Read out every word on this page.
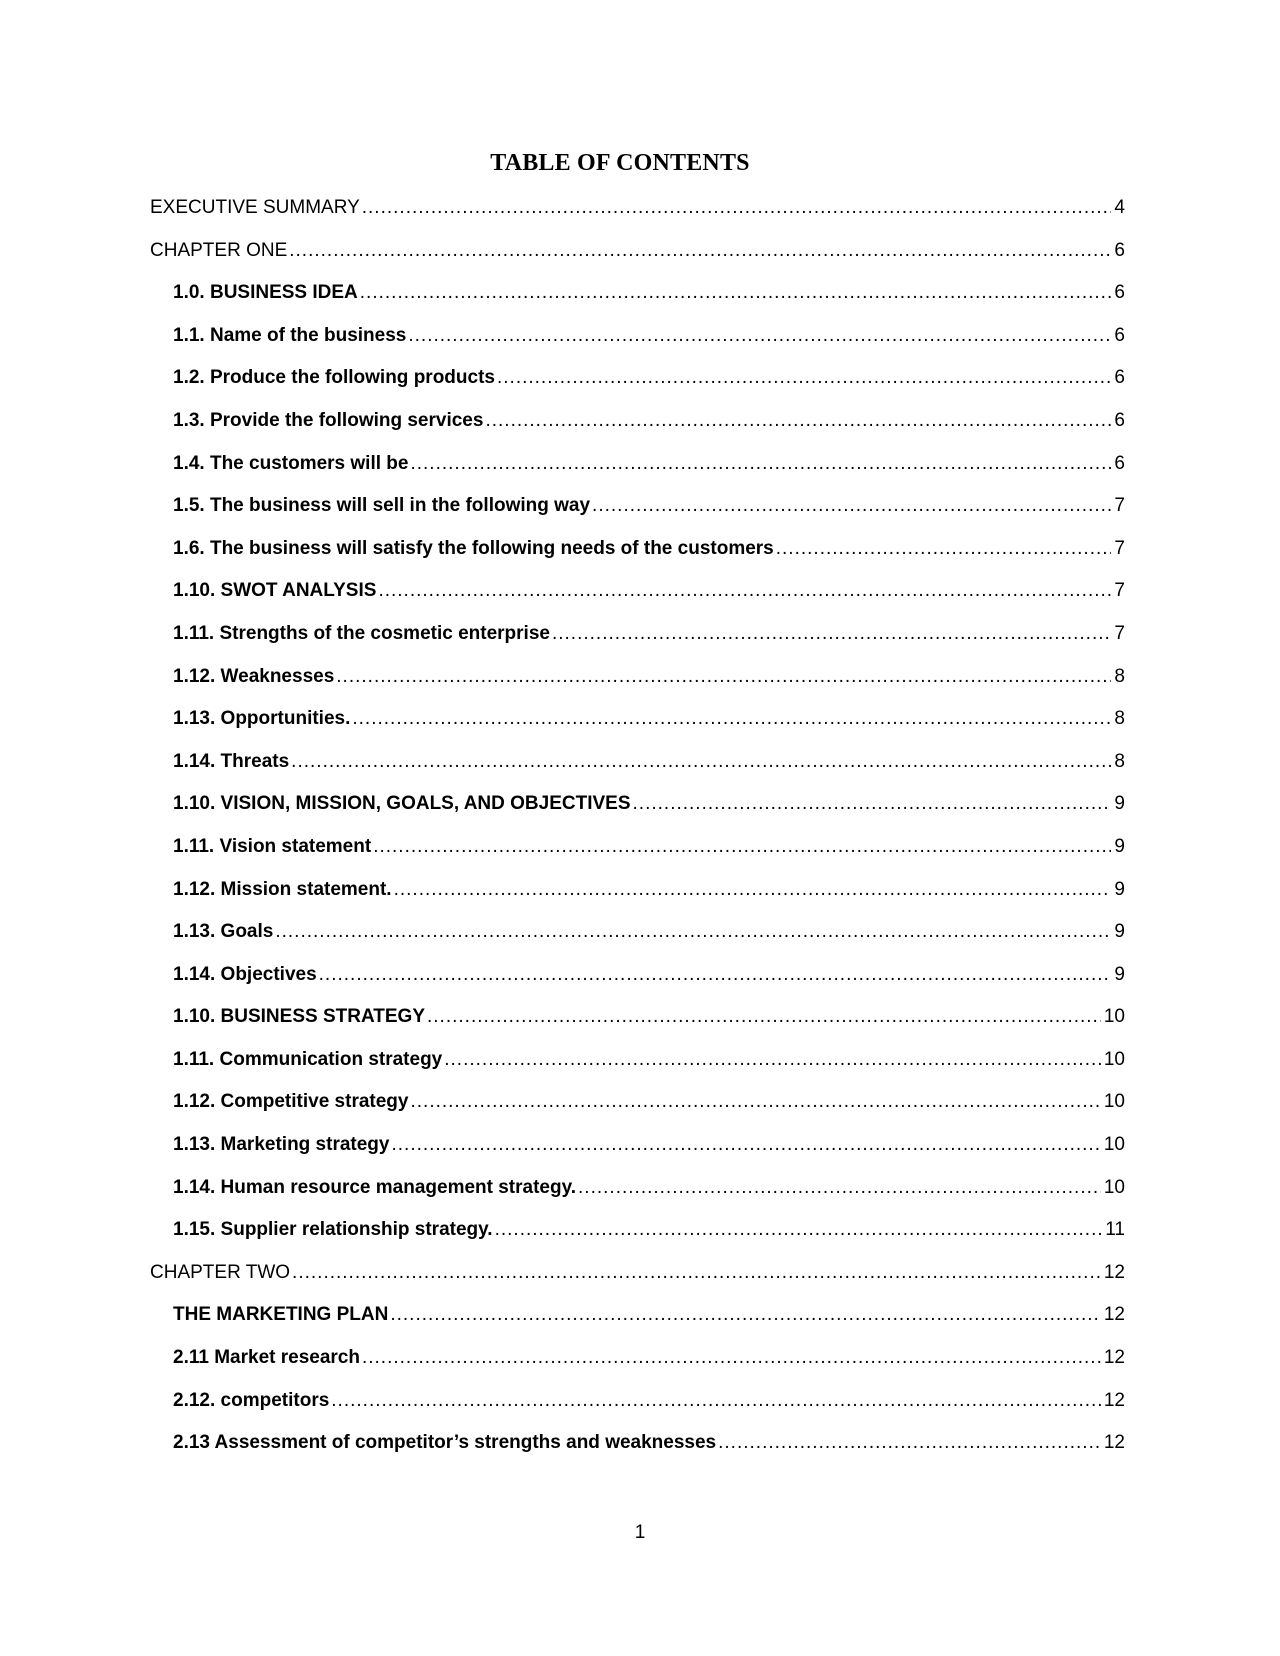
TABLE OF CONTENTS
EXECUTIVE SUMMARY .....	4
CHAPTER ONE .....	6
1.0. BUSINESS IDEA .....	6
1.1. Name of the business .....	6
1.2. Produce the following products .....	6
1.3. Provide the following services .....	6
1.4. The customers will be .....	6
1.5. The business will sell in the following way .....	7
1.6. The business will satisfy the following needs of the customers .....	7
1.10. SWOT ANALYSIS .....	7
1.11. Strengths of the cosmetic enterprise .....	7
1.12. Weaknesses .....	8
1.13. Opportunities. .....	8
1.14. Threats .....	8
1.10. VISION, MISSION, GOALS, AND OBJECTIVES .....	9
1.11. Vision statement .....	9
1.12. Mission statement. .....	9
1.13. Goals .....	9
1.14. Objectives .....	9
1.10. BUSINESS STRATEGY .....	10
1.11. Communication strategy .....	10
1.12. Competitive strategy .....	10
1.13. Marketing strategy .....	10
1.14. Human resource management strategy. .....	10
1.15. Supplier relationship strategy. .....	11
CHAPTER TWO .....	12
THE MARKETING PLAN .....	12
2.11 Market research .....	12
2.12. competitors .....	12
2.13 Assessment of competitor’s strengths and weaknesses .....	12
1
